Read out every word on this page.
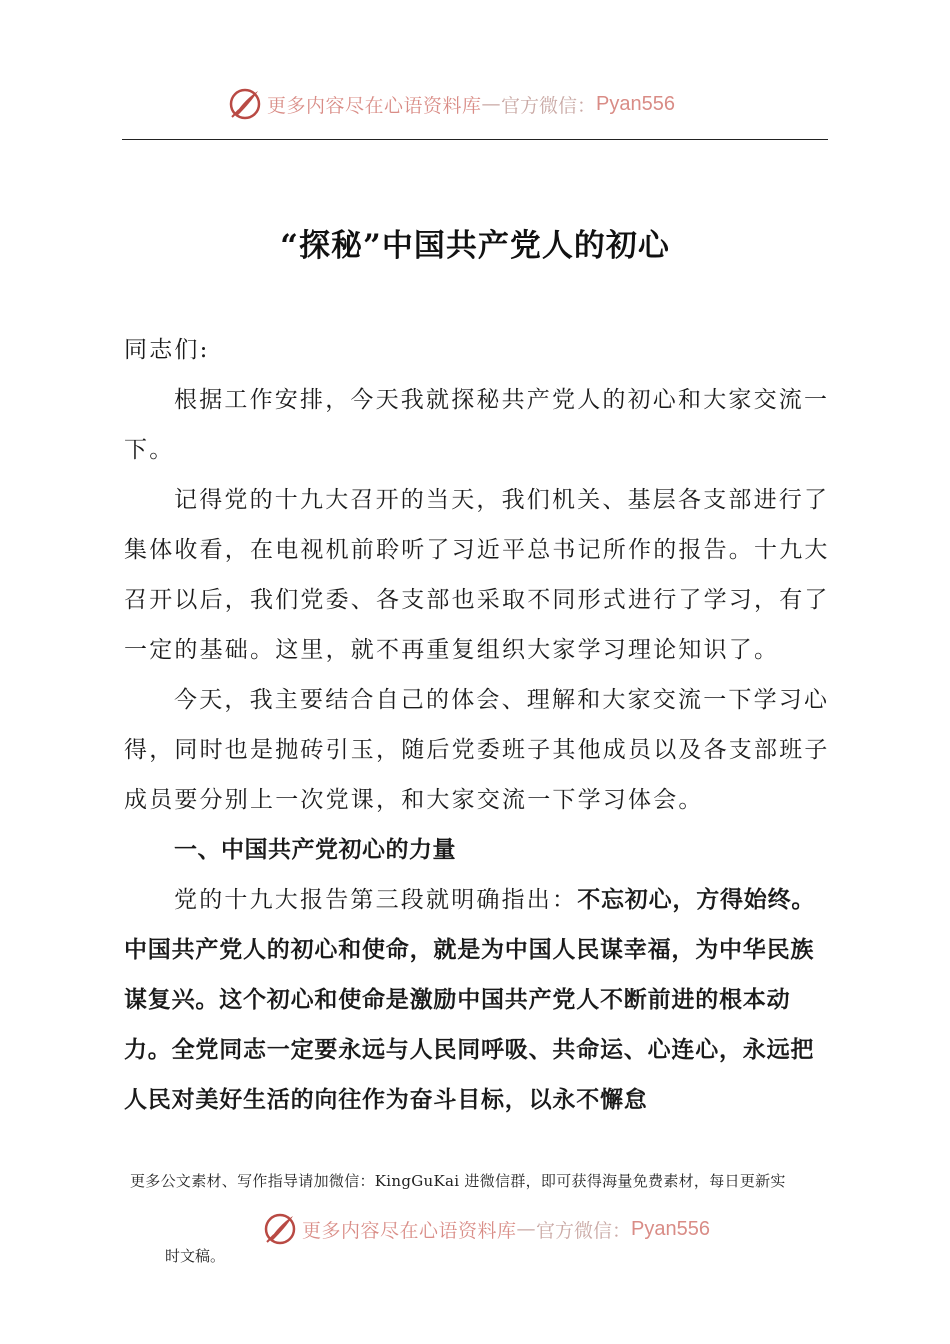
更多内容尽在心语资料库 — 官方微信： Pyan556
“探秘”中国共产党人的初心

同志们:

根据工作安排，今天我就探秘共产党人的初心和大家交流一下。

记得党的十九大召开的当天，我们机关、基层各支部进行了集体收看，在电视机前聆听了习近平总书记所作的报告。十九大召开以后，我们党委、各支部也采取不同形式进行了学习，有了一定的基础。这里，就不再重复组织大家学习理论知识了。

今天，我主要结合自己的体会、理解和大家交流一下学习心得，同时也是抛砖引玉，随后党委班子其他成员以及各支部班子成员要分别上一次党课，和大家交流一下学习体会。

一、中国共产党初心的力量

党的十九大报告第三段就明确指出：不忘初心，方得始终。中国共产党人的初心和使命，就是为中国人民谋幸福，为中华民族谋复兴。这个初心和使命是激励中国共产党人不断前进的根本动力。全党同志一定要永远与人民同呼吸、共命运、心连心，永远把人民对美好生活的向往作为奋斗目标，以永不懈怠

更多公文素材、写作指导请加微信：KingGuKai 进微信群，即可获得海量免费素材，每日更新实
更多内容尽在心语资料库 — 官方微信： Pyan556
时文稿。
